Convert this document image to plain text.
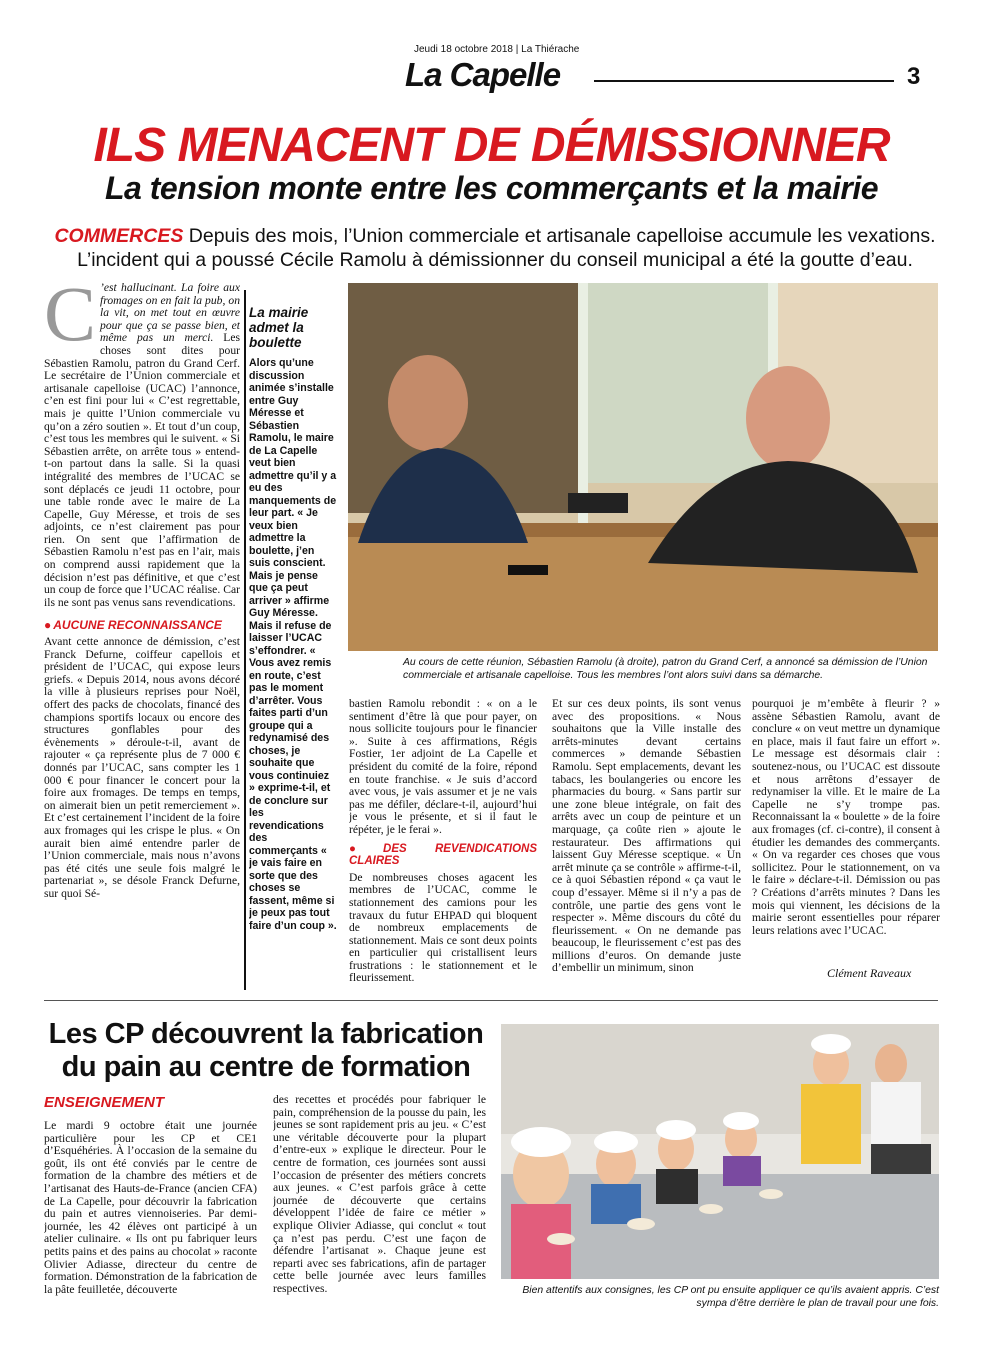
Jeudi 18 octobre 2018 | La Thiérache
La Capelle	3
ILS MENACENT DE DÉMISSIONNER
La tension monte entre les commerçants et la mairie
COMMERCES Depuis des mois, l’Union commerciale et artisanale capelloise accumule les vexations.
L’incident qui a poussé Cécile Ramolu à démissionner du conseil municipal a été la goutte d’eau.
C ’est hallucinant. La foire aux fromages on en fait la pub, on la vit, on met tout en œuvre pour que ça se passe bien, et même pas un merci. Les choses sont dites pour Sébastien Ramolu, patron du Grand Cerf. Le secrétaire de l’Union commerciale et artisanale capelloise (UCAC) l’annonce, c’en est fini pour lui « C’est regrettable, mais je quitte l’Union commerciale vu qu’on a zéro soutien ». Et tout d’un coup, c’est tous les membres qui le suivent. « Si Sébastien arrête, on arrête tous » entend-t-on partout dans la salle. Si la quasi intégralité des membres de l’UCAC se sont déplacés ce jeudi 11 octobre, pour une table ronde avec le maire de La Capelle, Guy Méresse, et trois de ses adjoints, ce n’est clairement pas pour rien. On sent que l’affirmation de Sébastien Ramolu n’est pas en l’air, mais on comprend aussi rapidement que la décision n’est pas définitive, et que c’est un coup de force que l’UCAC réalise. Car ils ne sont pas venus sans revendications.
● AUCUNE RECONNAISSANCE
Avant cette annonce de démission, c’est Franck Defurne, coiffeur capellois et président de l’UCAC, qui expose leurs griefs. « Depuis 2014, nous avons décoré la ville à plusieurs reprises pour Noël, offert des packs de chocolats, financé des champions sportifs locaux ou encore des structures gonflables pour des évènements » déroule-t-il, avant de rajouter « ça représente plus de 7 000 € donnés par l’UCAC, sans compter les 1 000 € pour financer le concert pour la foire aux fromages. De temps en temps, on aimerait bien un petit remerciement ». Et c’est certainement l’incident de la foire aux fromages qui les crispe le plus. « On aurait bien aimé entendre parler de l’Union commerciale, mais nous n’avons pas été cités une seule fois malgré le partenariat », se désole Franck Defurne, sur quoi Sé-
La mairie admet la boulette
Alors qu’une discussion animée s’installe entre Guy Méresse et Sébastien Ramolu, le maire de La Capelle veut bien admettre qu’il y a eu des manquements de leur part. « Je veux bien admettre la boulette, j’en suis conscient. Mais je pense que ça peut arriver » affirme Guy Méresse. Mais il refuse de laisser l’UCAC s’effondrer. « Vous avez remis en route, c’est pas le moment d’arrêter. Vous faites parti d’un groupe qui a redynamisé des choses, je souhaite que vous continuiez » exprime-t-il, et de conclure sur les revendications des commerçants « je vais faire en sorte que des choses se fassent, même si je peux pas tout faire d’un coup ».
Au cours de cette réunion, Sébastien Ramolu (à droite), patron du Grand Cerf, a annoncé sa démission de l’Union commerciale et artisanale capelloise. Tous les membres l’ont alors suivi dans sa démarche.
bastien Ramolu rebondit : « on a le sentiment d’être là que pour payer, on nous sollicite toujours pour le financier ». Suite à ces affirmations, Régis Fostier, 1er adjoint de La Capelle et président du comité de la foire, répond en toute franchise. « Je suis d’accord avec vous, je vais assumer et je ne vais pas me défiler, déclare-t-il, aujourd’hui je vous le présente, et si il faut le répéter, je le ferai ».
● DES REVENDICATIONS CLAIRES
De nombreuses choses agacent les membres de l’UCAC, comme le stationnement des camions pour les travaux du futur EHPAD qui bloquent de nombreux emplacements de stationnement. Mais ce sont deux points en particulier qui cristallisent leurs frustrations : le stationnement et le fleurissement.
Et sur ces deux points, ils sont venus avec des propositions. « Nous souhaitons que la Ville installe des arrêts-minutes devant certains commerces » demande Sébastien Ramolu. Sept emplacements, devant les tabacs, les boulangeries ou encore les pharmacies du bourg. « Sans partir sur une zone bleue intégrale, on fait des arrêts avec un coup de peinture et un marquage, ça coûte rien » ajoute le restaurateur. Des affirmations qui laissent Guy Méresse sceptique. « Un arrêt minute ça se contrôle » affirme-t-il, ce à quoi Sébastien répond « ça vaut le coup d’essayer. Même si il n’y a pas de contrôle, une partie des gens vont le respecter ». Même discours du côté du fleurissement. « On ne demande pas beaucoup, le fleurissement c’est pas des millions d’euros. On demande juste d’embellir un minimum, sinon
pourquoi je m’embête à fleurir ? » assène Sébastien Ramolu, avant de conclure « on veut mettre un dynamique en place, mais il faut faire un effort ». Le message est désormais clair : soutenez-nous, ou l’UCAC est dissoute et nous arrêtons d’essayer de redynamiser la ville. Et le maire de La Capelle ne s’y trompe pas. Reconnaissant la « boulette » de la foire aux fromages (cf. ci-contre), il consent à étudier les demandes des commerçants. « On va regarder ces choses que vous sollicitez. Pour le stationnement, on va le faire » déclare-t-il. Démission ou pas ? Créations d’arrêts minutes ? Dans les mois qui viennent, les décisions de la mairie seront essentielles pour réparer leurs relations avec l’UCAC.
Clément Raveaux
Les CP découvrent la fabrication
du pain au centre de formation
ENSEIGNEMENT
Le mardi 9 octobre était une journée particulière pour les CP et CE1 d’Esquéhéries. À l’occasion de la semaine du goût, ils ont été conviés par le centre de formation de la chambre des métiers et de l’artisanat des Hauts-de-France (ancien CFA) de La Capelle, pour découvrir la fabrication du pain et autres viennoiseries. Par demi-journée, les 42 élèves ont participé à un atelier culinaire. « Ils ont pu fabriquer leurs petits pains et des pains au chocolat » raconte Olivier Adiasse, directeur du centre de formation. Démonstration de la fabrication de la pâte feuilletée, découverte
des recettes et procédés pour fabriquer le pain, compréhension de la pousse du pain, les jeunes se sont rapidement pris au jeu. « C’est une véritable découverte pour la plupart d’entre-eux » explique le directeur. Pour le centre de formation, ces journées sont aussi l’occasion de présenter des métiers concrets aux jeunes. « C’est parfois grâce à cette journée de découverte que certains développent l’idée de faire ce métier » explique Olivier Adiasse, qui conclut « tout ça n’est pas perdu. C’est une façon de défendre l’artisanat ». Chaque jeune est reparti avec ses fabrications, afin de partager cette belle journée avec leurs familles respectives.	Bien attentifs aux consignes, les CP ont pu ensuite appliquer ce qu’ils avaient appris. C’est sympa d’être derrière le plan de travail pour une fois.
